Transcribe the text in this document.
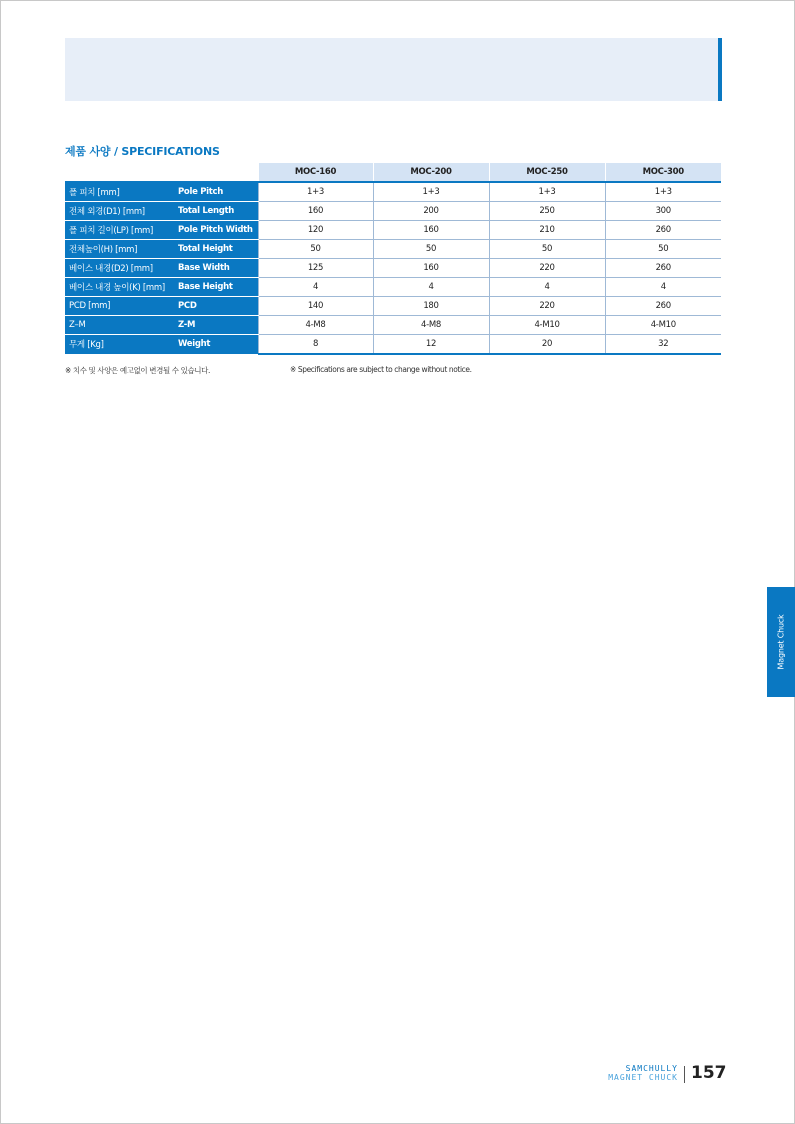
제품 사양 / SPECIFICATIONS
		MOC-160	MOC-200	MOC-250	MOC-300
폴 피치 [mm]	Pole Pitch	1+3	1+3	1+3	1+3
전체 외경(D1) [mm]	Total Length	160	200	250	300
폴 피치 길이(LP) [mm]	Pole Pitch Width	120	160	210	260
전체높이(H) [mm]	Total Height	50	50	50	50
베이스 내경(D2) [mm]	Base Width	125	160	220	260
베이스 내경 높이(K) [mm]	Base Height	4	4	4	4
PCD [mm]	PCD	140	180	220	260
Z–M	Z-M	4-M8	4-M8	4-M10	4-M10
무게 [Kg]	Weight	8	12	20	32
※ 치수 및 사양은 예고없이 변경될 수 있습니다.	※ Specifications are subject to change without notice.
Magnet Chuck
SAMCHULLY
MAGNET CHUCK 157
